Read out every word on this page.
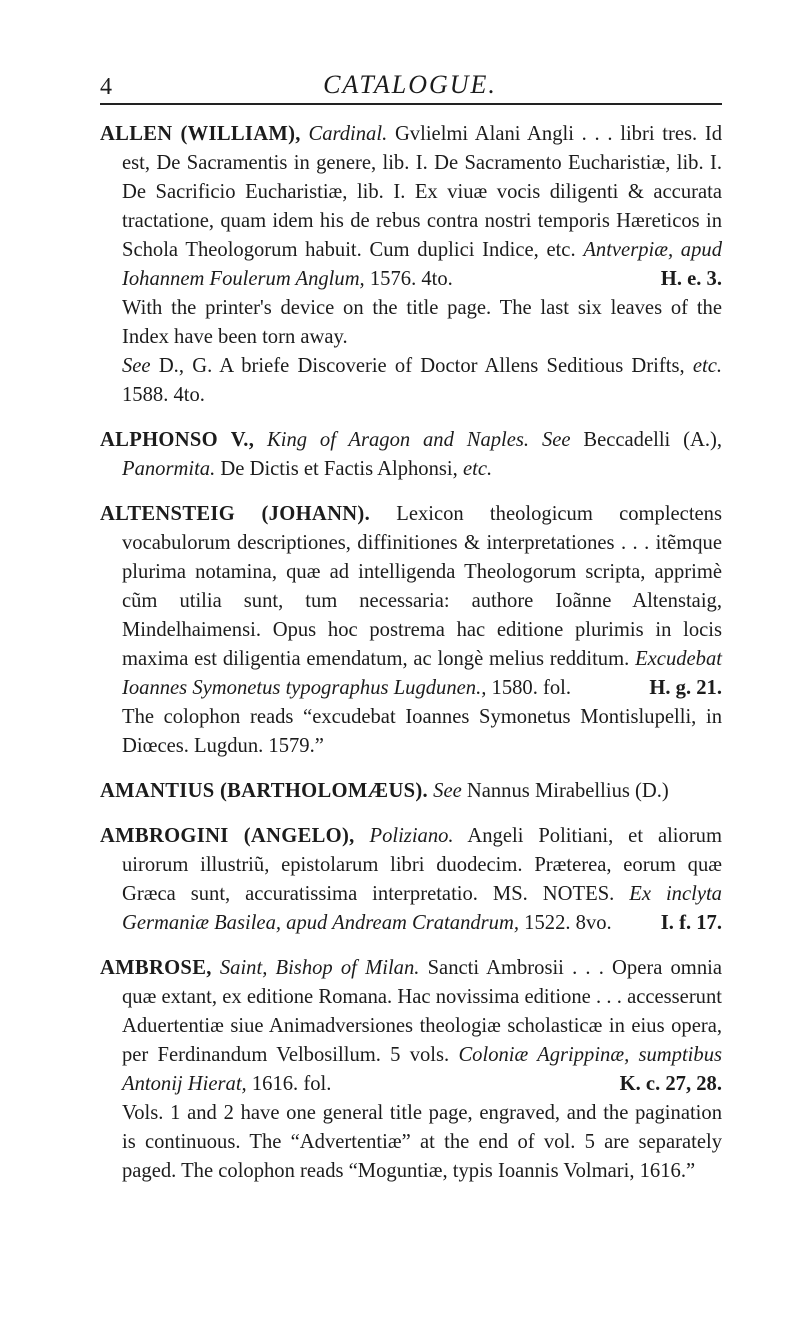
4	CATALOGUE.

ALLEN (WILLIAM), Cardinal. Gvlielmi Alani Angli . . . libri tres. Id est, De Sacramentis in genere, lib. I. De Sacramento Eucharistiæ, lib. I. De Sacrificio Eucharistiæ, lib. I. Ex viuæ vocis diligenti & accurata tractatione, quam idem his de rebus contra nostri temporis Hæreticos in Schola Theologorum habuit. Cum duplici Indice, etc. Antverpiæ, apud Iohannem Foulerum Anglum, 1576. 4to.	H. e. 3.

With the printer's device on the title page. The last six leaves of the Index have been torn away.

See D., G. A briefe Discoverie of Doctor Allens Seditious Drifts, etc. 1588. 4to.

ALPHONSO V., King of Aragon and Naples. See Beccadelli (A.), Panormita. De Dictis et Factis Alphonsi, etc.

ALTENSTEIG (JOHANN). Lexicon theologicum complectens vocabulorum descriptiones, diffinitiones & interpretationes . . . itẽmque plurima notamina, quæ ad intelligenda Theologorum scripta, apprimè cũm utilia sunt, tum necessaria: authore Ioãnne Altenstaig, Mindelhaimensi. Opus hoc postrema hac editione plurimis in locis maxima est diligentia emendatum, ac longè melius redditum. Excudebat Ioannes Symonetus typographus Lugdunen., 1580. fol.	H. g. 21.

The colophon reads “excudebat Ioannes Symonetus Montislupelli, in Diœces. Lugdun. 1579.”

AMANTIUS (BARTHOLOMÆUS). See Nannus Mirabellius (D.)

AMBROGINI (ANGELO), Poliziano. Angeli Politiani, et aliorum uirorum illustriũ, epistolarum libri duodecim. Præterea, eorum quæ Græca sunt, accuratissima interpretatio. MS. NOTES. Ex inclyta Germaniæ Basilea, apud Andream Cratandrum, 1522. 8vo. I. f. 17.

AMBROSE, Saint, Bishop of Milan. Sancti Ambrosii . . . Opera omnia quæ extant, ex editione Romana. Hac novissima editione . . . accesserunt Aduertentiæ siue Animadversiones theologiæ scholasticæ in eius opera, per Ferdinandum Velbosillum. 5 vols. Coloniæ Agrippinæ, sumptibus Antonij Hierat, 1616. fol.	K. c. 27, 28.

Vols. 1 and 2 have one general title page, engraved, and the pagination is continuous. The “Advertentiæ” at the end of vol. 5 are separately paged. The colophon reads “Moguntiæ, typis Ioannis Volmari, 1616.”
